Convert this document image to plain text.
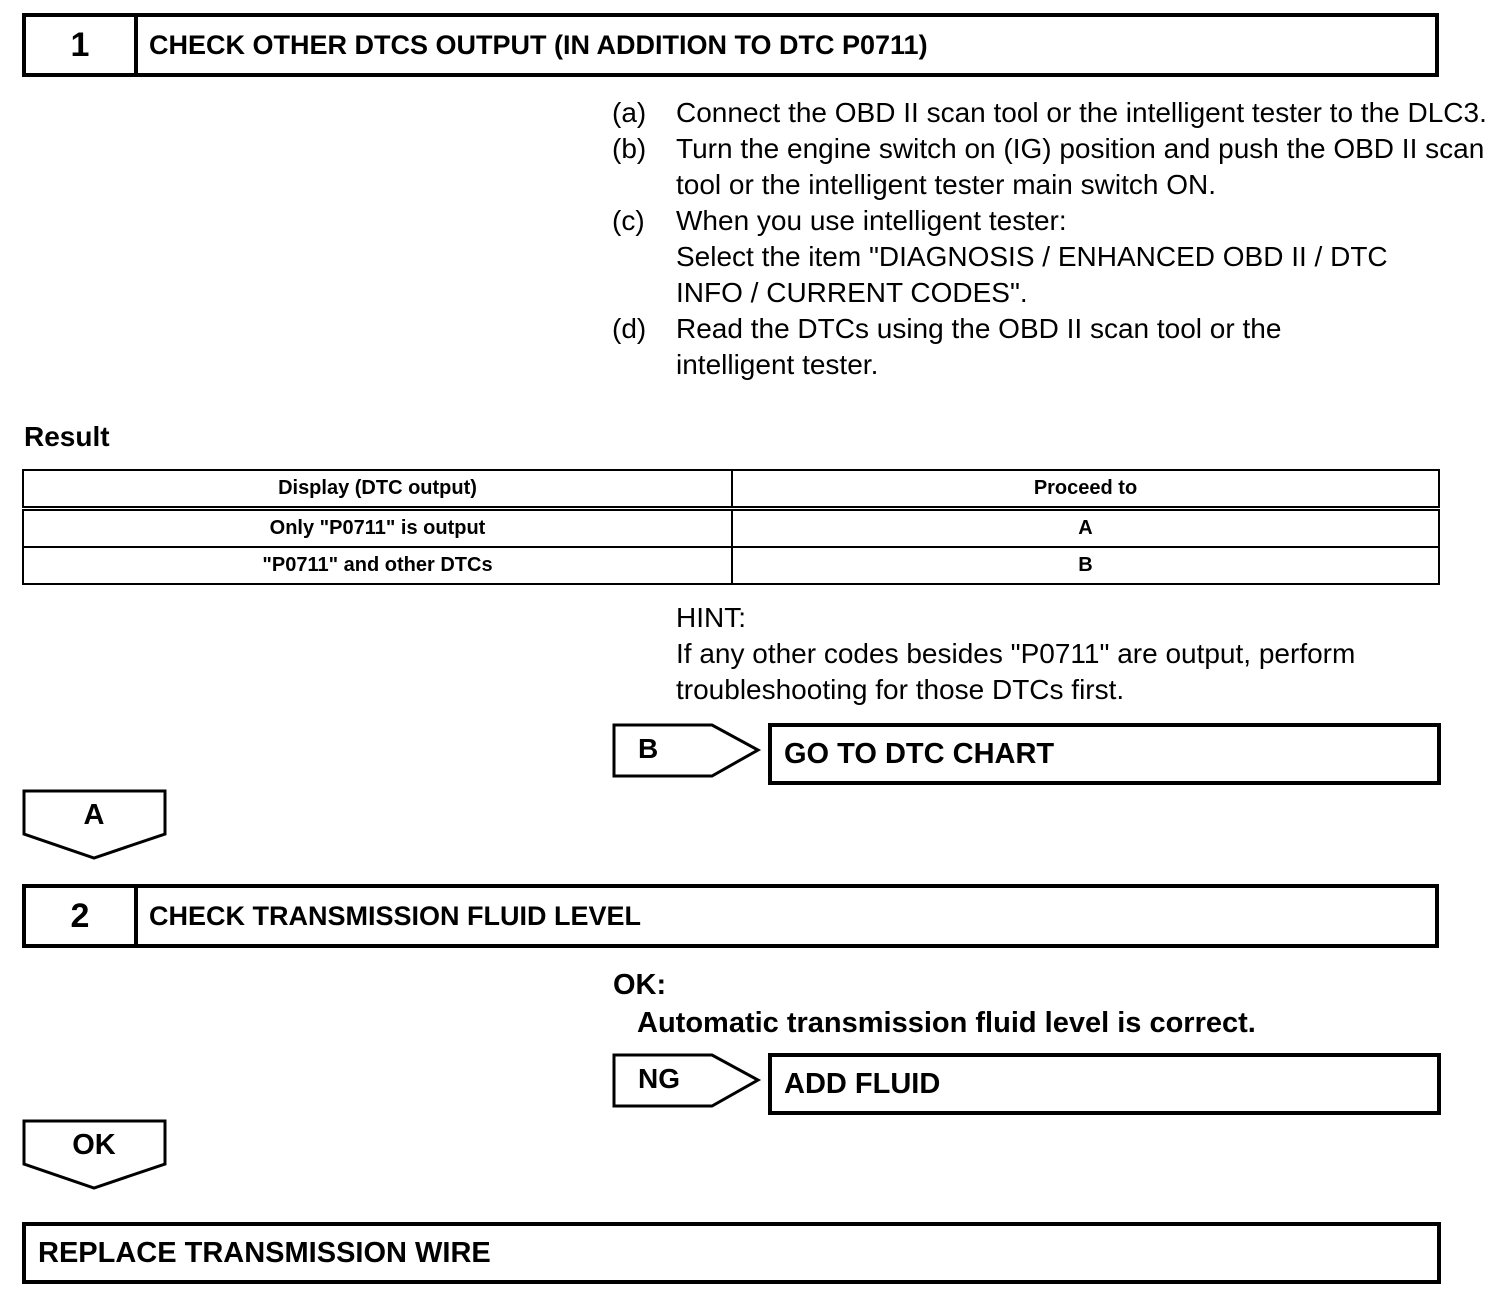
1	CHECK OTHER DTCS OUTPUT (IN ADDITION TO DTC P0711)
(a)	Connect the OBD II scan tool or the intelligent tester to the DLC3.
(b)	Turn the engine switch on (IG) position and push the OBD II scan tool or the intelligent tester main switch ON.
(c)	When you use intelligent tester:
Select the item "DIAGNOSIS / ENHANCED OBD II / DTC INFO / CURRENT CODES".
(d)	Read the DTCs using the OBD II scan tool or the intelligent tester.
Result
Display (DTC output)	Proceed to
Only "P0711" is output	A
"P0711" and other DTCs	B
HINT:
If any other codes besides "P0711" are output, perform troubleshooting for those DTCs first.
B	GO TO DTC CHART
A
2	CHECK TRANSMISSION FLUID LEVEL
OK:
Automatic transmission fluid level is correct.
NG	ADD FLUID
OK
REPLACE TRANSMISSION WIRE
